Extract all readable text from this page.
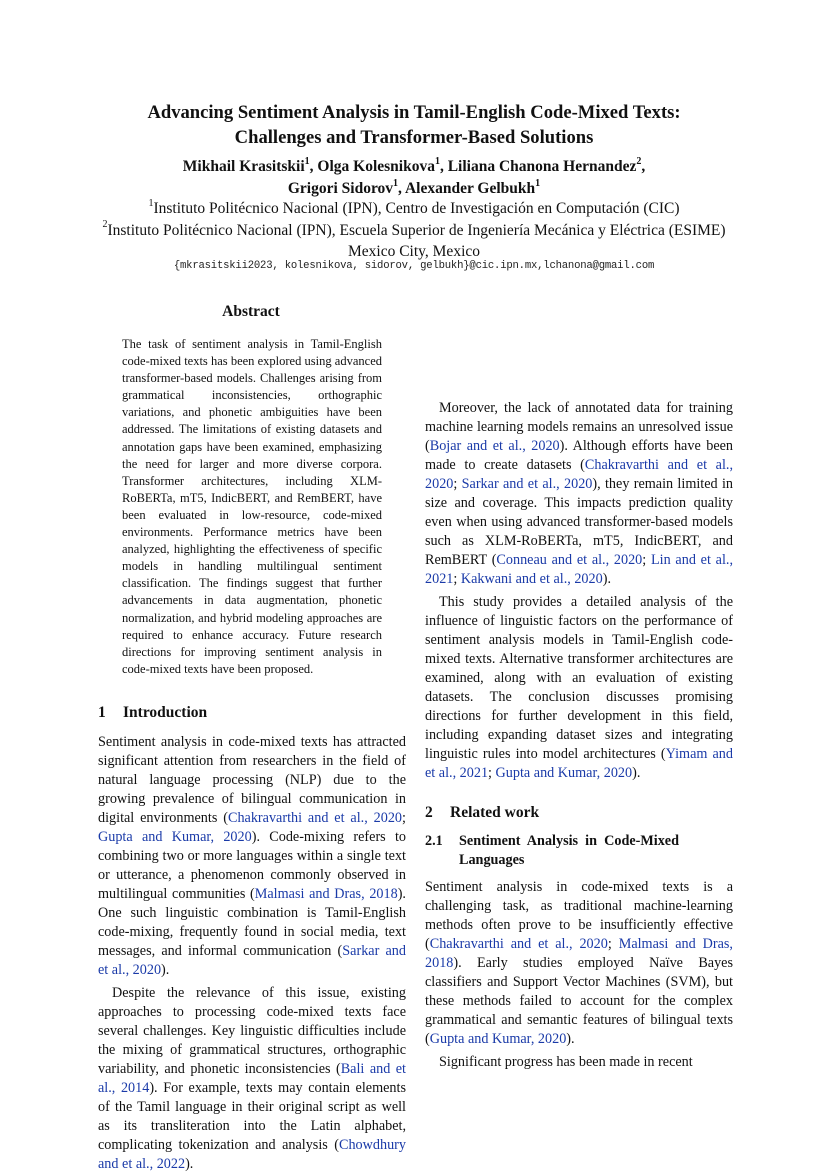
Advancing Sentiment Analysis in Tamil-English Code-Mixed Texts:
Challenges and Transformer-Based Solutions
Mikhail Krasitskii$^1$, Olga Kolesnikova$^1$, Liliana Chanona Hernandez$^2$,
Grigori Sidorov$^1$, Alexander Gelbukh$^1$
$^1$Instituto Politécnico Nacional (IPN), Centro de Investigación en Computación (CIC)
$^2$Instituto Politécnico Nacional (IPN), Escuela Superior de Ingeniería Mecánica y Eléctrica (ESIME)
Mexico City, Mexico
{mkrasitskii2023, kolesnikova, sidorov, gelbukh}@cic.ipn.mx,lchanona@gmail.com
Abstract
The task of sentiment analysis in Tamil-English code-mixed texts has been explored using advanced transformer-based models. Challenges arising from grammatical inconsistencies, orthographic variations, and phonetic ambiguities have been addressed. The limitations of existing datasets and annotation gaps have been examined, emphasizing the need for larger and more diverse corpora. Transformer architectures, including XLM-RoBERTa, mT5, IndicBERT, and RemBERT, have been evaluated in low-resource, code-mixed environments. Performance metrics have been analyzed, highlighting the effectiveness of specific models in handling multilingual sentiment classification. The findings suggest that further advancements in data augmentation, phonetic normalization, and hybrid modeling approaches are required to enhance accuracy. Future research directions for improving sentiment analysis in code-mixed texts have been proposed.
1 Introduction

Sentiment analysis in code-mixed texts has attracted significant attention from researchers in the field of natural language processing (NLP) due to the growing prevalence of bilingual communication in digital environments (Chakravarthi and et al., 2020; Gupta and Kumar, 2020). Code-mixing refers to combining two or more languages within a single text or utterance, a phenomenon commonly observed in multilingual communities (Malmasi and Dras, 2018). One such linguistic combination is Tamil-English code-mixing, frequently found in social media, text messages, and informal communication (Sarkar and et al., 2020).

Despite the relevance of this issue, existing approaches to processing code-mixed texts face several challenges. Key linguistic difficulties include the mixing of grammatical structures, orthographic variability, and phonetic inconsistencies (Bali and et al., 2014). For example, texts may contain elements of the Tamil language in their original script as well as its transliteration into the Latin alphabet, complicating tokenization and analysis (Chowdhury and et al., 2022).

Moreover, the lack of annotated data for training machine learning models remains an unresolved issue (Bojar and et al., 2020). Although efforts have been made to create datasets (Chakravarthi and et al., 2020; Sarkar and et al., 2020), they remain limited in size and coverage. This impacts prediction quality even when using advanced transformer-based models such as XLM-RoBERTa, mT5, IndicBERT, and RemBERT (Conneau and et al., 2020; Lin and et al., 2021; Kakwani and et al., 2020).

This study provides a detailed analysis of the influence of linguistic factors on the performance of sentiment analysis models in Tamil-English code-mixed texts. Alternative transformer architectures are examined, along with an evaluation of existing datasets. The conclusion discusses promising directions for further development in this field, including expanding dataset sizes and integrating linguistic rules into model architectures (Yimam and et al., 2021; Gupta and Kumar, 2020).

2 Related work
2.1	Sentiment Analysis in Code-Mixed Languages

Sentiment analysis in code-mixed texts is a challenging task, as traditional machine-learning methods often prove to be insufficiently effective (Chakravarthi and et al., 2020; Malmasi and Dras, 2018). Early studies employed Naïve Bayes classifiers and Support Vector Machines (SVM), but these methods failed to account for the complex grammatical and semantic features of bilingual texts (Gupta and Kumar, 2020).

Significant progress has been made in recent
